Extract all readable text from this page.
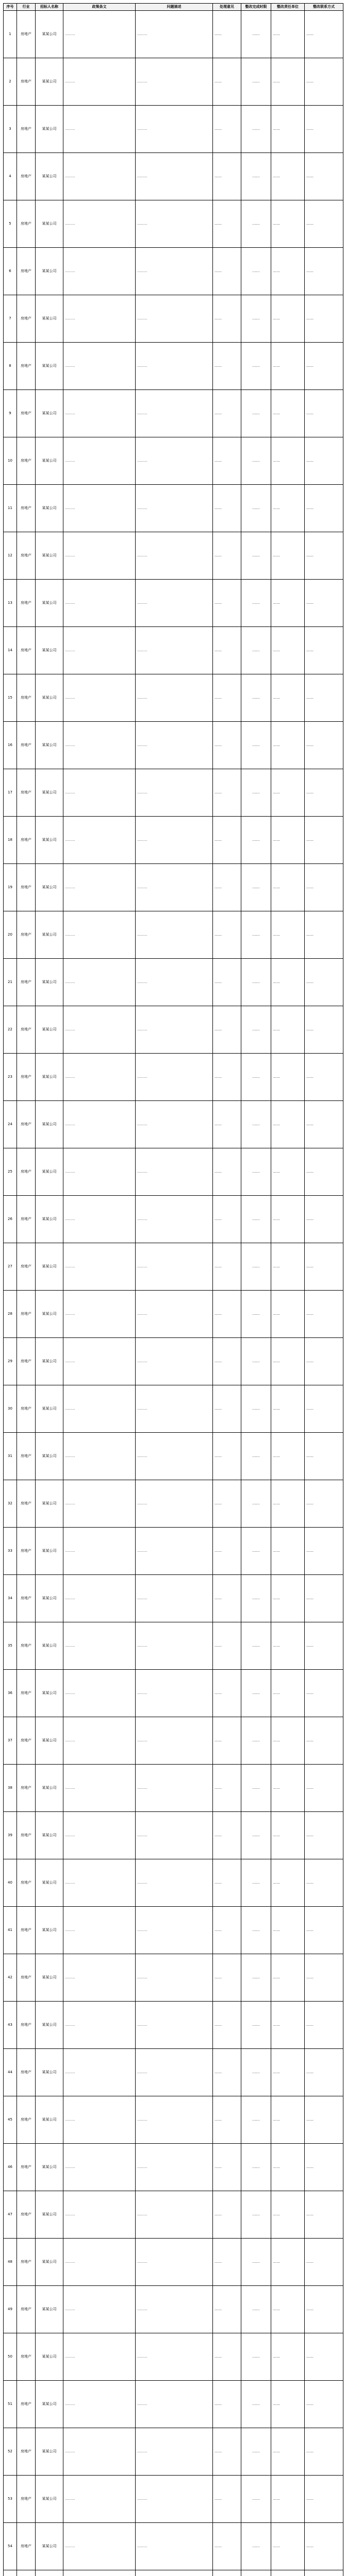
序号	行业	招标人名称	政策条文	问题描述	处理意见	整改完成时限	整改责任单位	整改联系方式
1	房地产	某某公司	………	………	……	……	……	……
2	房地产	某某公司	………	………	……	……	……	……
3	房地产	某某公司	………	………	……	……	……	……
4	房地产	某某公司	………	………	……	……	……	……
5	房地产	某某公司	………	………	……	……	……	……
6	房地产	某某公司	………	………	……	……	……	……
7	房地产	某某公司	………	………	……	……	……	……
8	房地产	某某公司	………	………	……	……	……	……
9	房地产	某某公司	………	………	……	……	……	……
10	房地产	某某公司	………	………	……	……	……	……
11	房地产	某某公司	………	………	……	……	……	……
12	房地产	某某公司	………	………	……	……	……	……
13	房地产	某某公司	………	………	……	……	……	……
14	房地产	某某公司	………	………	……	……	……	……
15	房地产	某某公司	………	………	……	……	……	……
16	房地产	某某公司	………	………	……	……	……	……
17	房地产	某某公司	………	………	……	……	……	……
18	房地产	某某公司	………	………	……	……	……	……
19	房地产	某某公司	………	………	……	……	……	……
20	房地产	某某公司	………	………	……	……	……	……
21	房地产	某某公司	………	………	……	……	……	……
22	房地产	某某公司	………	………	……	……	……	……
23	房地产	某某公司	………	………	……	……	……	……
24	房地产	某某公司	………	………	……	……	……	……
25	房地产	某某公司	………	………	……	……	……	……
26	房地产	某某公司	………	………	……	……	……	……
27	房地产	某某公司	………	………	……	……	……	……
28	房地产	某某公司	………	………	……	……	……	……
29	房地产	某某公司	………	………	……	……	……	……
30	房地产	某某公司	………	………	……	……	……	……
31	房地产	某某公司	………	………	……	……	……	……
32	房地产	某某公司	………	………	……	……	……	……
33	房地产	某某公司	………	………	……	……	……	……
34	房地产	某某公司	………	………	……	……	……	……
35	房地产	某某公司	………	………	……	……	……	……
36	房地产	某某公司	………	………	……	……	……	……
37	房地产	某某公司	………	………	……	……	……	……
38	房地产	某某公司	………	………	……	……	……	……
39	房地产	某某公司	………	………	……	……	……	……
40	房地产	某某公司	………	………	……	……	……	……
41	房地产	某某公司	………	………	……	……	……	……
42	房地产	某某公司	………	………	……	……	……	……
43	房地产	某某公司	………	………	……	……	……	……
44	房地产	某某公司	………	………	……	……	……	……
45	房地产	某某公司	………	………	……	……	……	……
46	房地产	某某公司	………	………	……	……	……	……
47	房地产	某某公司	………	………	……	……	……	……
48	房地产	某某公司	………	………	……	……	……	……
49	房地产	某某公司	………	………	……	……	……	……
50	房地产	某某公司	………	………	……	……	……	……
51	房地产	某某公司	………	………	……	……	……	……
52	房地产	某某公司	………	………	……	……	……	……
53	房地产	某某公司	………	………	……	……	……	……
54	房地产	某某公司	………	………	……	……	……	……
